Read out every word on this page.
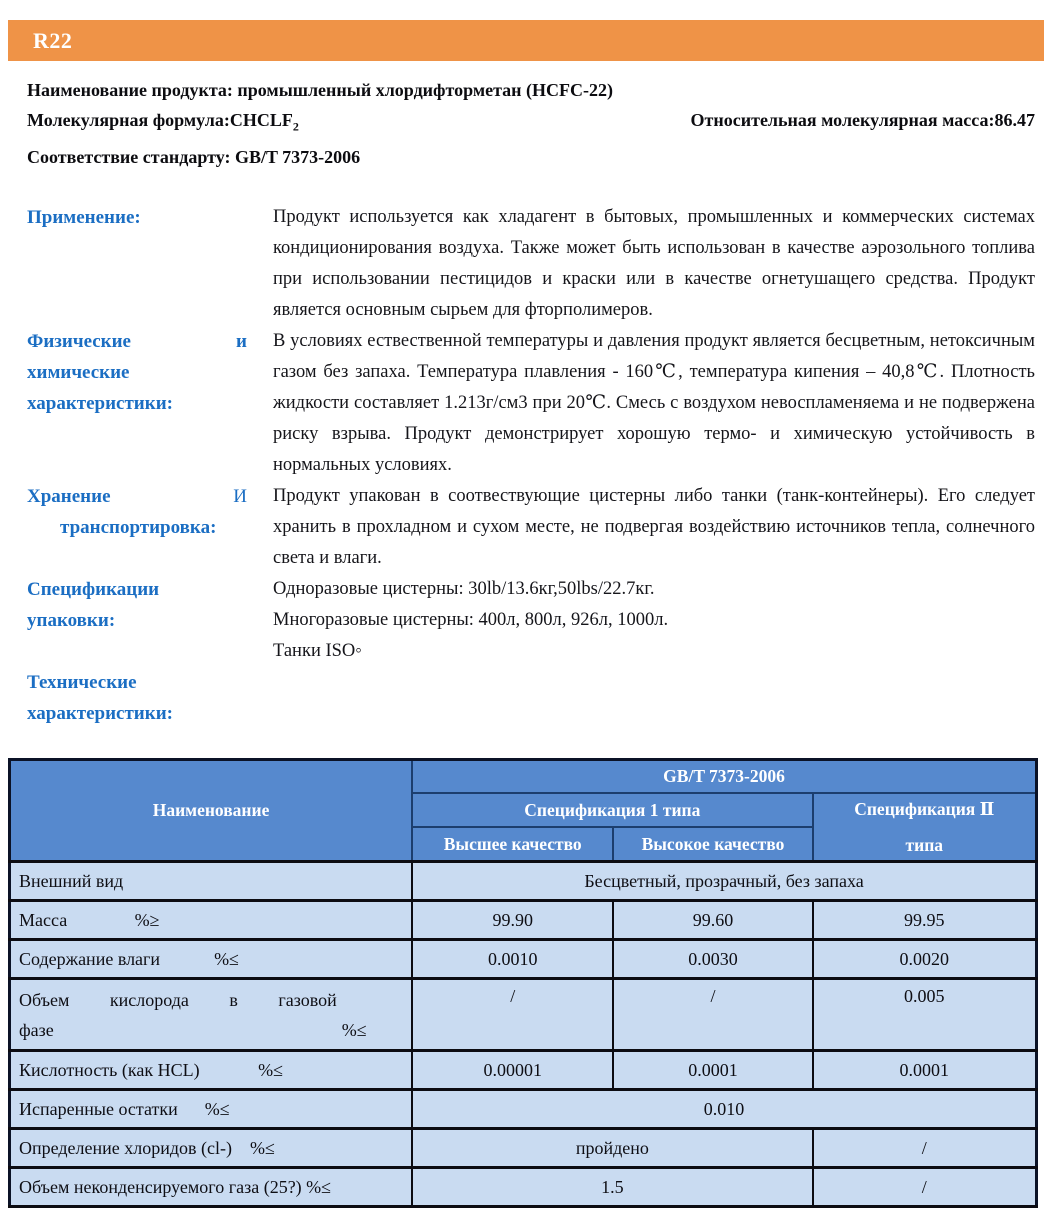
R22

Наименование продукта: промышленный хлордифторметан (HCFC-22)

Молекулярная $формула:CHCLF_2$	Относительная молекулярная масса:86.47

Соответствие стандарту: GB/T 7373-2006

Применение:	Продукт используется как хладагент в бытовых, промышленных и коммерческих системах кондиционирования воздуха. Также может быть использован в качестве аэрозольного топлива при использовании пестицидов и краски или в качестве огнетушащего средства. Продукт является основным сырьем для фторполимеров.
Физические	и
химические
характеристики:
В условиях ествественной температуры и давления продукт является бесцветным, нетоксичным газом без запаха. Температура плавления - 160℃, температура кипения – 40,8℃. Плотность жидкости составляет 1.213г/см3 при 20℃. Смесь с воздухом невоспламеняема и не подвержена риску взрыва. Продукт демонстрирует хорошую термо- и химическую устойчивость в нормальных условиях.
Хранение	И
транспортировка:
Продукт упакован в соотвествующие цистерны либо танки (танк-контейнеры). Его следует хранить в прохладном и сухом месте, не подвергая воздействию источников тепла, солнечного света и влаги.
Спецификации
упаковки:
Одноразовые цистерны: 30lb/13.6кг,50lbs/22.7кг.
Многоразовые цистерны: 400л, 800л, 926л, 1000л.
Танки ISO◦
Технические
характеристики:
Наименование	GB/T 7373-2006		
	Спецификация 1 типа		Спецификация Ⅱ
типа

	Высшее качество	Высокое качество	
Внешний вид	Бесцветный, прозрачный, без запаха		
Масса               %≥	99.90	99.60	99.95
Содержание влаги            %≤	0.0010	0.0030	0.0020
Объем         кислорода         в         газовой
фазе                                                                %≤	/	/	0.005
Кислотность (как HCL)             %≤	0.00001	0.0001	0.0001
Испаренные остатки      %≤	0.010		
Определение хлоридов (cl-)    %≤	пройдено		/
Объем неконденсируемого газа (25?) %≤	1.5		/
